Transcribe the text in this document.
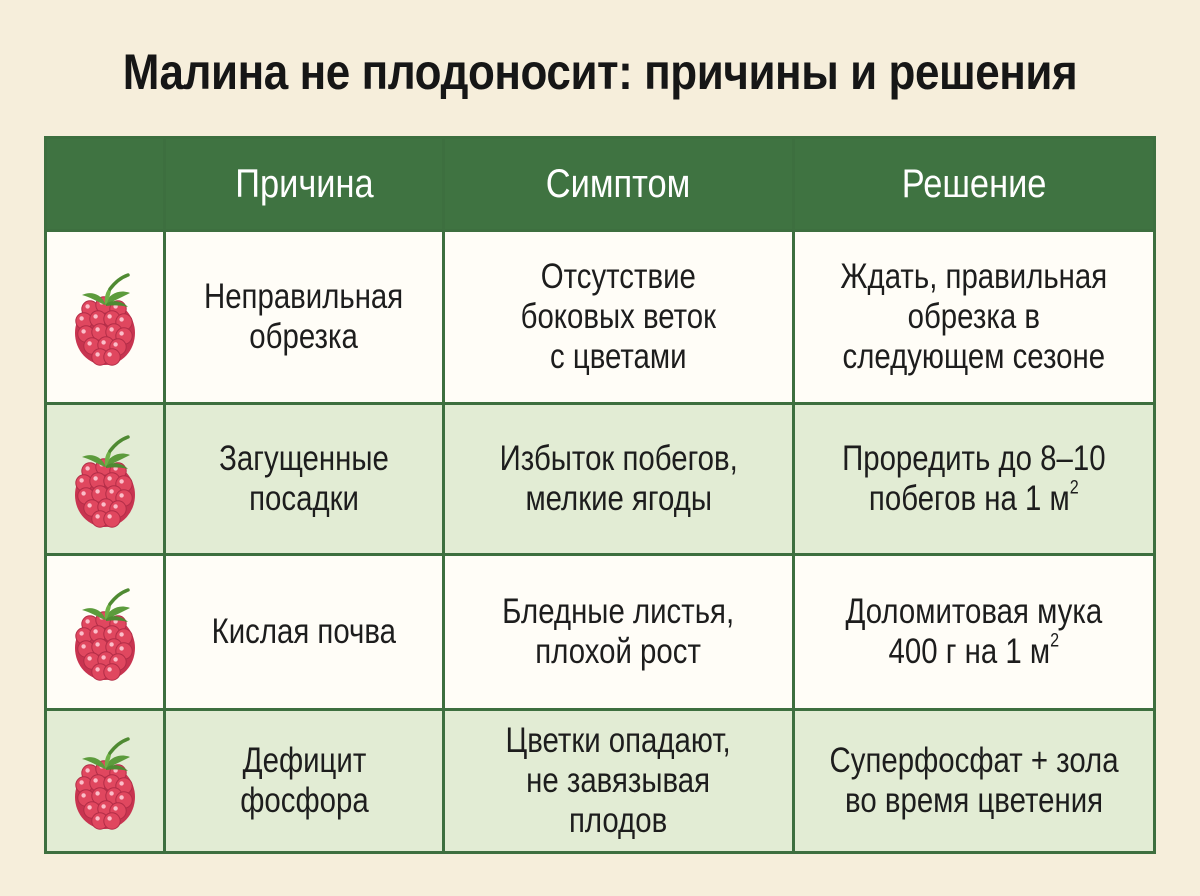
Малина не плодоносит: причины и решения
Причина	Симптом	Решение
Неправильная
обрезка
Отсутствие
боковых веток
с цветами
Ждать, правильная
обрезка в
следующем сезоне
Загущенные
посадки
Избыток побегов,
мелкие ягоды
Проредить до 8–10
побегов на 1 $м^2$
Кислая почва
Бледные листья,
плохой рост
Доломитовая мука
400 г на 1 $м^2$
Дефицит
фосфора
Цветки опадают,
не завязывая
плодов
Суперфосфат + зола
во время цветения
